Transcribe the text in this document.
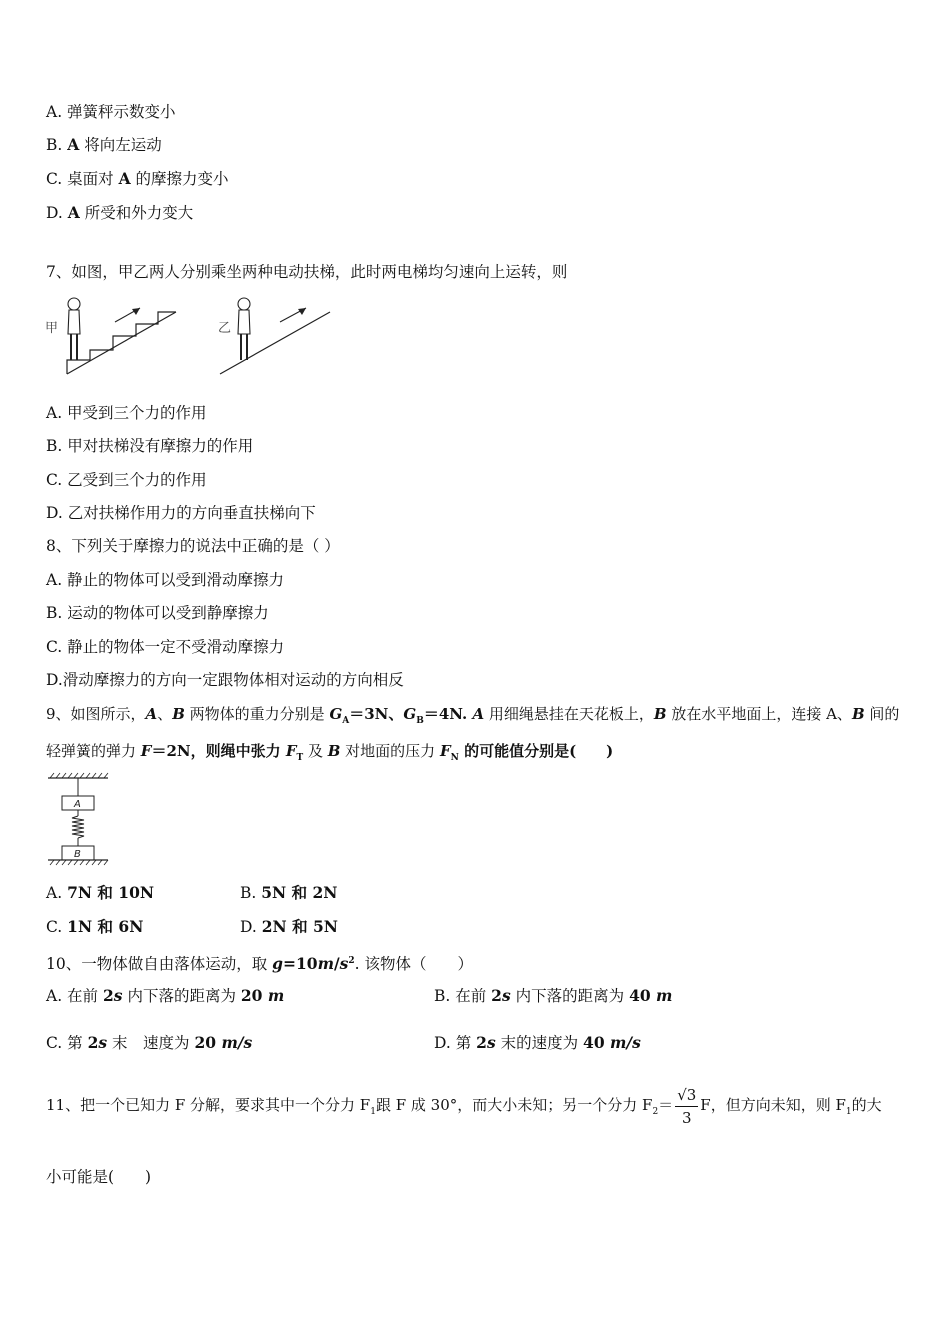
A. 弹簧秤示数变小
B. A 将向左运动
C. 桌面对 A 的摩擦力变小
D. A 所受和外力变大
7、如图，甲乙两人分别乘坐两种电动扶梯，此时两电梯均匀速向上运转，则
甲	乙
A. 甲受到三个力的作用
B. 甲对扶梯没有摩擦力的作用
C. 乙受到三个力的作用
D. 乙对扶梯作用力的方向垂直扶梯向下
8、下列关于摩擦力的说法中正确的是（ ）
A. 静止的物体可以受到滑动摩擦力
B. 运动的物体可以受到静摩擦力
C. 静止的物体一定不受滑动摩擦力
D.滑动摩擦力的方向一定跟物体相对运动的方向相反
9、如图所示，A、B 两物体的重力分别是 $G_A=3N$、$G_B=4N$. A 用细绳悬挂在天花板上，B 放在水平地面上，连接 A、B 间的
轻弹簧的弹力 F＝2N，则绳中张力 $F_T$ 及 B 对地面的压力 $F_N$ 的可能值分别是(　　)
A
B
A. 7N 和 10N	B. 5N 和 2N
C. 1N 和 6N	D. 2N 和 5N
10、一物体做自由落体运动，取 $g=10m/s^2$. 该物体（　　）
A. 在前 2s 内下落的距离为 20 m	B. 在前 2s 内下落的距离为 40 m
C. 第 2s 末　速度为 20 m/s	D. 第 2s 末的速度为 40 m/s
11、把一个已知力 F 分解，要求其中一个分力 $F_1$跟 F 成 30°，而大小未知；另一个分力 $F_2= \frac{√3}{3}$ F，但方向未知，则 $F_1$的大
小可能是(　　)
